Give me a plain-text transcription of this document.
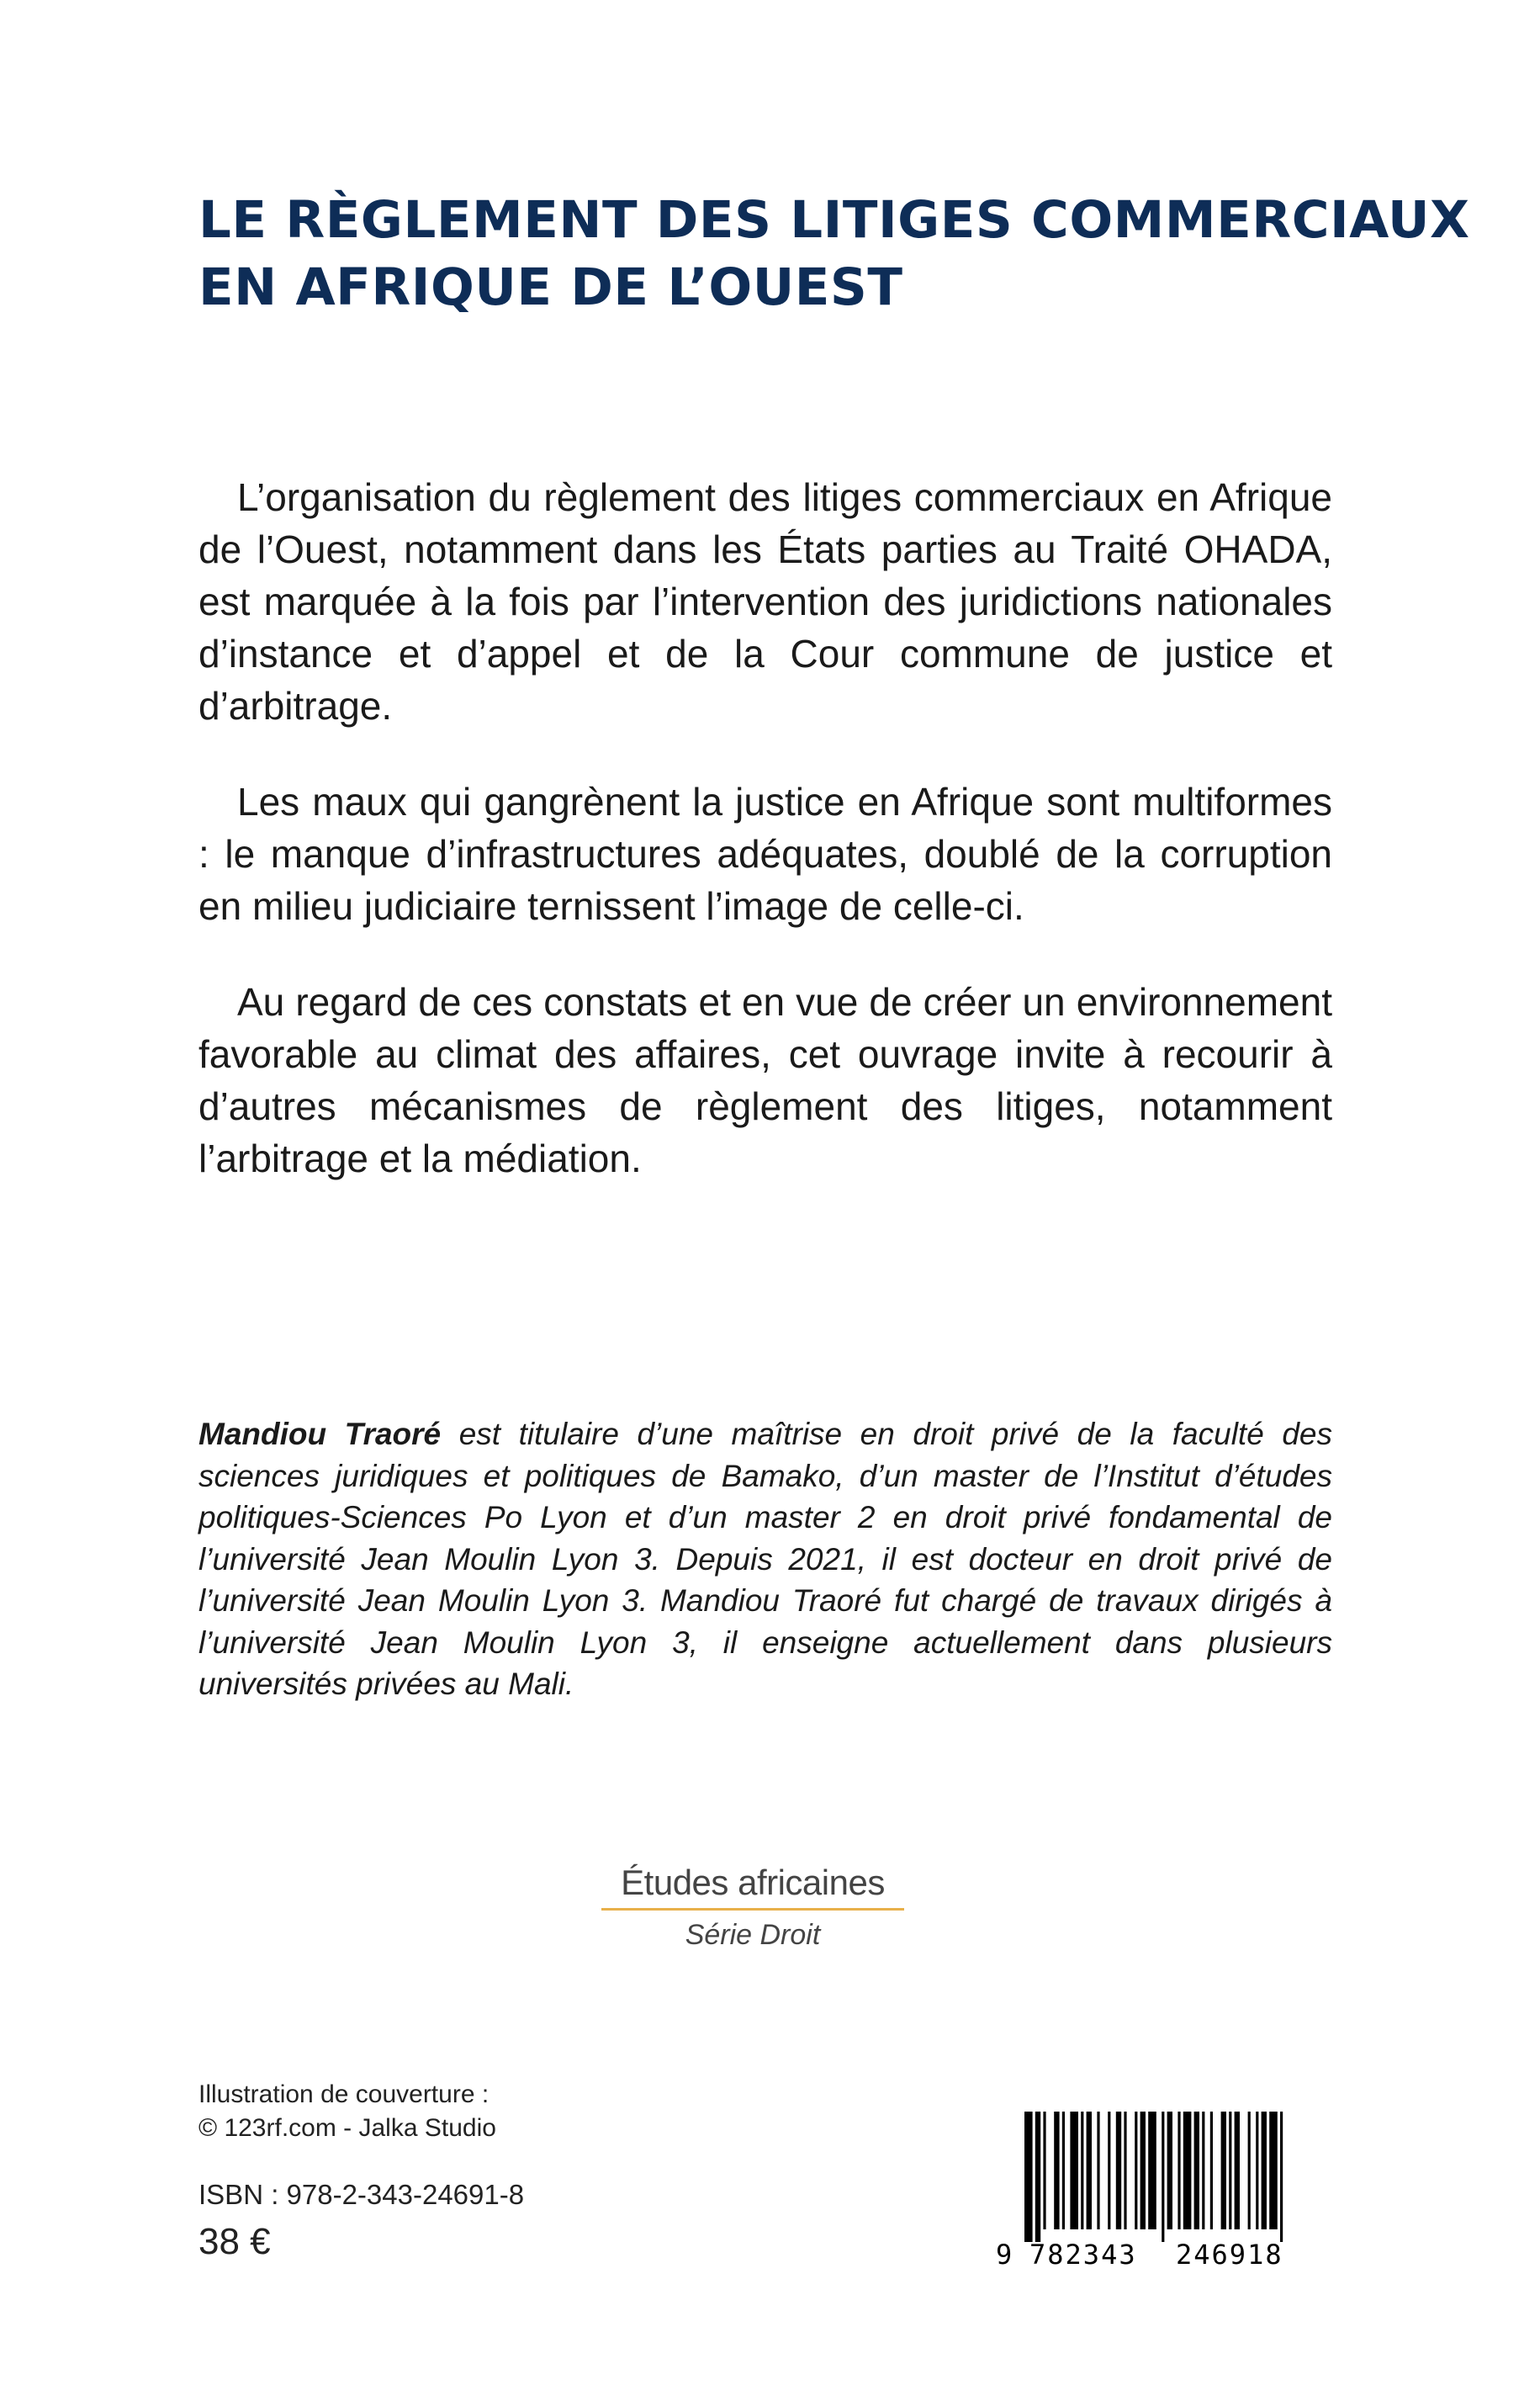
LE RÈGLEMENT DES LITIGES COMMERCIAUX
EN AFRIQUE DE L’OUEST

L’organisation du règlement des litiges commerciaux en Afrique de l’Ouest, notamment dans les États parties au Traité OHADA, est marquée à la fois par l’intervention des juridictions nationales d’instance et d’appel et de la Cour commune de justice et d’arbitrage.

Les maux qui gangrènent la justice en Afrique sont multiformes : le manque d’infrastructures adéquates, doublé de la corruption en milieu judiciaire ternissent l’image de celle-ci.

Au regard de ces constats et en vue de créer un environnement favorable au climat des affaires, cet ouvrage invite à recourir à d’autres mécanismes de règlement des litiges, notamment l’arbitrage et la médiation.

Mandiou Traoré est titulaire d’une maîtrise en droit privé de la faculté des sciences juridiques et politiques de Bamako, d’un master de l’Institut d’études politiques-Sciences Po Lyon et d’un master 2 en droit privé fondamental de l’université Jean Moulin Lyon 3. Depuis 2021, il est docteur en droit privé de l’université Jean Moulin Lyon 3. Mandiou Traoré fut chargé de travaux dirigés à l’université Jean Moulin Lyon 3, il enseigne actuellement dans plusieurs universités privées au Mali.

Études africaines
Série Droit
Illustration de couverture :
© 123rf.com - Jalka Studio
ISBN : 978-2-343-24691-8
38 €	9 782343 246918
